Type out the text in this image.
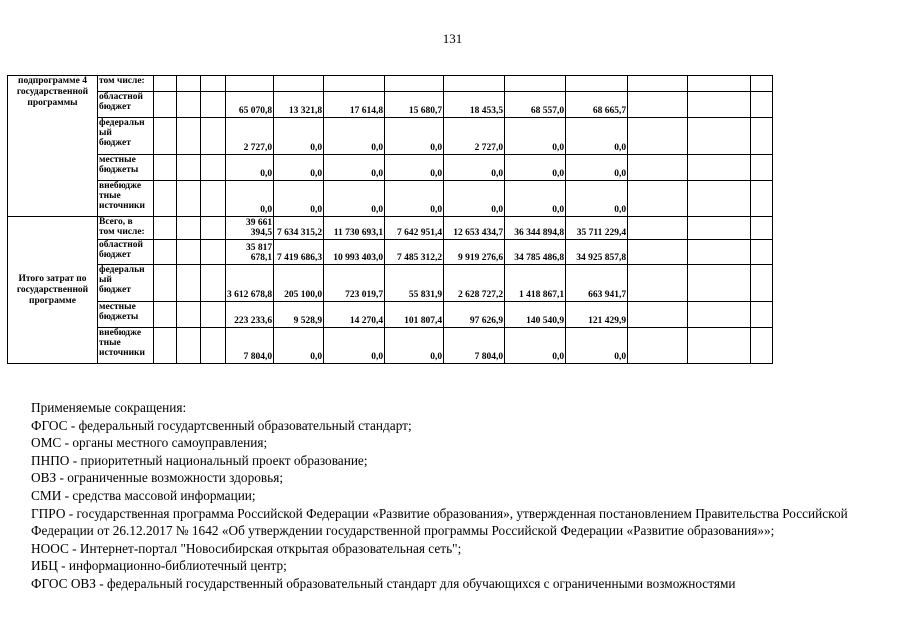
131
подпрограмме 4 государственной программы	том числе:													
	областной
бюджет				65 070,8	13 321,8	17 614,8	15 680,7	18 453,5	68 557,0	68 665,7			
	федеральн
ый
бюджет				2 727,0	0,0	0,0	0,0	2 727,0	0,0	0,0			
	местные
бюджеты				0,0	0,0	0,0	0,0	0,0	0,0	0,0			
	внебюдже
тные
источники				0,0	0,0	0,0	0,0	0,0	0,0	0,0			
Итого затрат по государственной программе	Всего, в
том числе:				39 661 394,5	7 634 315,2	11 730 693,1	7 642 951,4	12 653 434,7	36 344 894,8	35 711 229,4			
	областной
бюджет				35 817 678,1	7 419 686,3	10 993 403,0	7 485 312,2	9 919 276,6	34 785 486,8	34 925 857,8			
	федеральн
ый
бюджет				3 612 678,8	205 100,0	723 019,7	55 831,9	2 628 727,2	1 418 867,1	663 941,7			
	местные
бюджеты				223 233,6	9 528,9	14 270,4	101 807,4	97 626,9	140 540,9	121 429,9			
	внебюдже
тные
источники				7 804,0	0,0	0,0	0,0	7 804,0	0,0	0,0			
Применяемые сокращения:
ФГОС - федеральный государтсвенный образовательный стандарт;
ОМС - органы местного самоуправления;
ПНПО - приоритетный национальный проект образование;
ОВЗ - ограниченные возможности здоровья;
СМИ - средства массовой информации;
ГПРО - государственная программа Российской Федерации «Развитие образования», утвержденная постановлением Правительства Российской Федерации от 26.12.2017 № 1642 «Об утверждении государственной программы Российской Федерации «Развитие образования»»;
НООС - Интернет-портал "Новосибирская открытая образовательная сеть";
ИБЦ - информационно-библиотечный центр;
ФГОС ОВЗ - федеральный государственный образовательный стандарт для обучающихся с ограниченными возможностями
